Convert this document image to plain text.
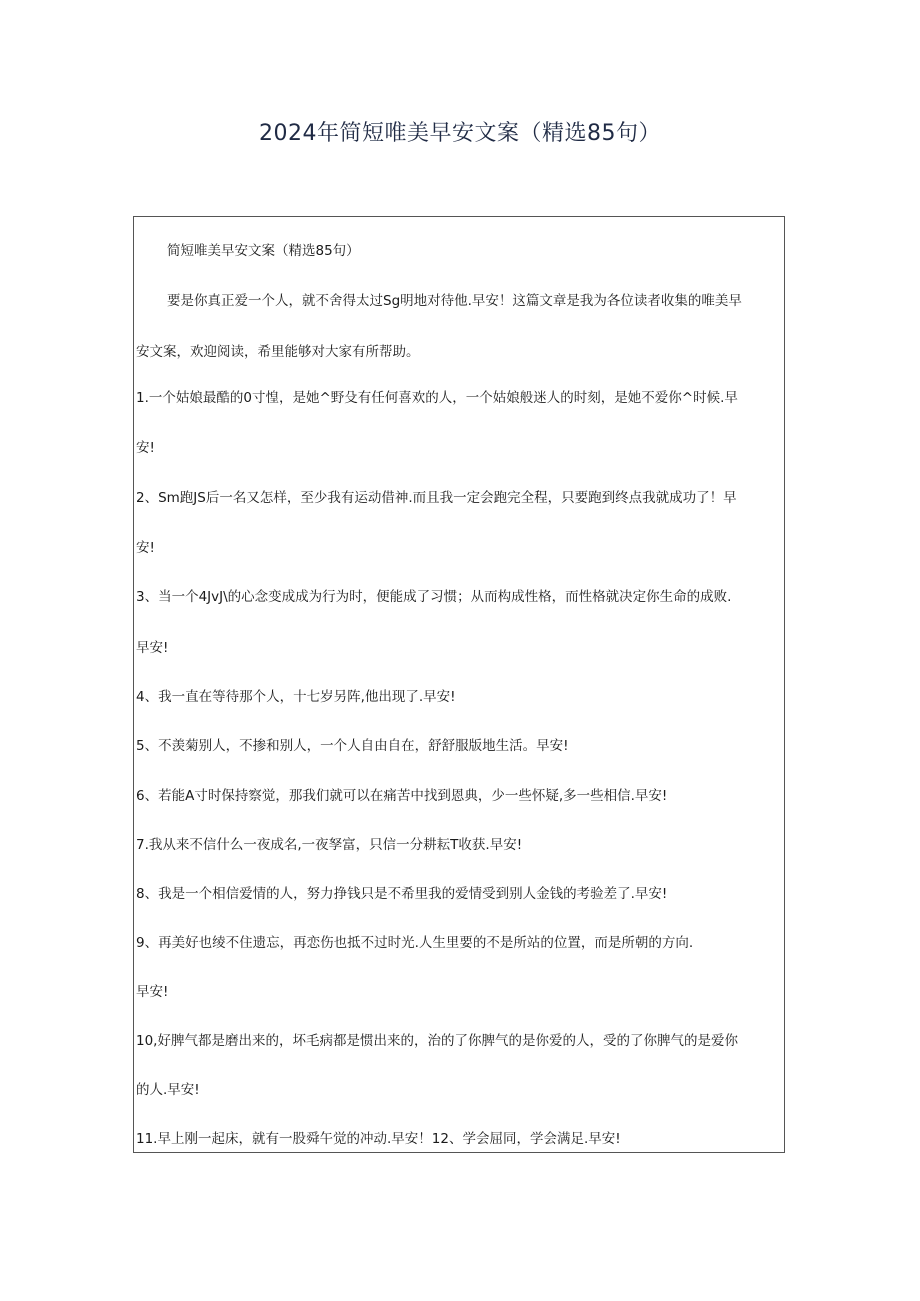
2024年简短唯美早安文案（精选85句）
简短唯美早安文案（精选85句）
要是你真正爱一个人，就不舍得太过Sg明地对待他.早安！这篇文章是我为各位读者收集的唯美早
安文案，欢迎阅读，希里能够对大家有所帮助。
1.一个姑娘最酷的0寸惶，是她^野殳有任何喜欢的人，一个姑娘般迷人的时刻，是她不爱你^时候.早
安!
2、Sm跑JS后一名又怎样，至少我有运动借神.而且我一定会跑完全程，只要跑到终点我就成功了！早
安!
3、当一个4JvJ\的心念变成成为行为时，便能成了习惯；从而构成性格，而性格就决定你生命的成败.
早安!
4、我一直在等待那个人，十七岁另阵,他出现了.早安!
5、不羡菊别人，不掺和别人，一个人自由自在，舒舒服版地生活。早安!
6、若能A寸时保持察觉，那我们就可以在痛苦中找到恩典，少一些怀疑,多一些相信.早安!
7.我从来不信什么一夜成名,一夜孥富，只信一分耕耘T收获.早安!
8、我是一个相信爱情的人，努力挣钱只是不希里我的爱情受到别人金钱的考验差了.早安!
9、再美好也绫不住遗忘，再恋伤也抵不过时光.人生里要的不是所站的位置，而是所朝的方向.
早安!
10,好脾气都是磨出来的，坏毛病都是惯出来的，治的了你脾气的是你爱的人，受的了你脾气的是爱你
的人.早安!
11.早上刚一起床，就有一股舜午觉的冲动.早安！12、学会屈同，学会满足.早安!
